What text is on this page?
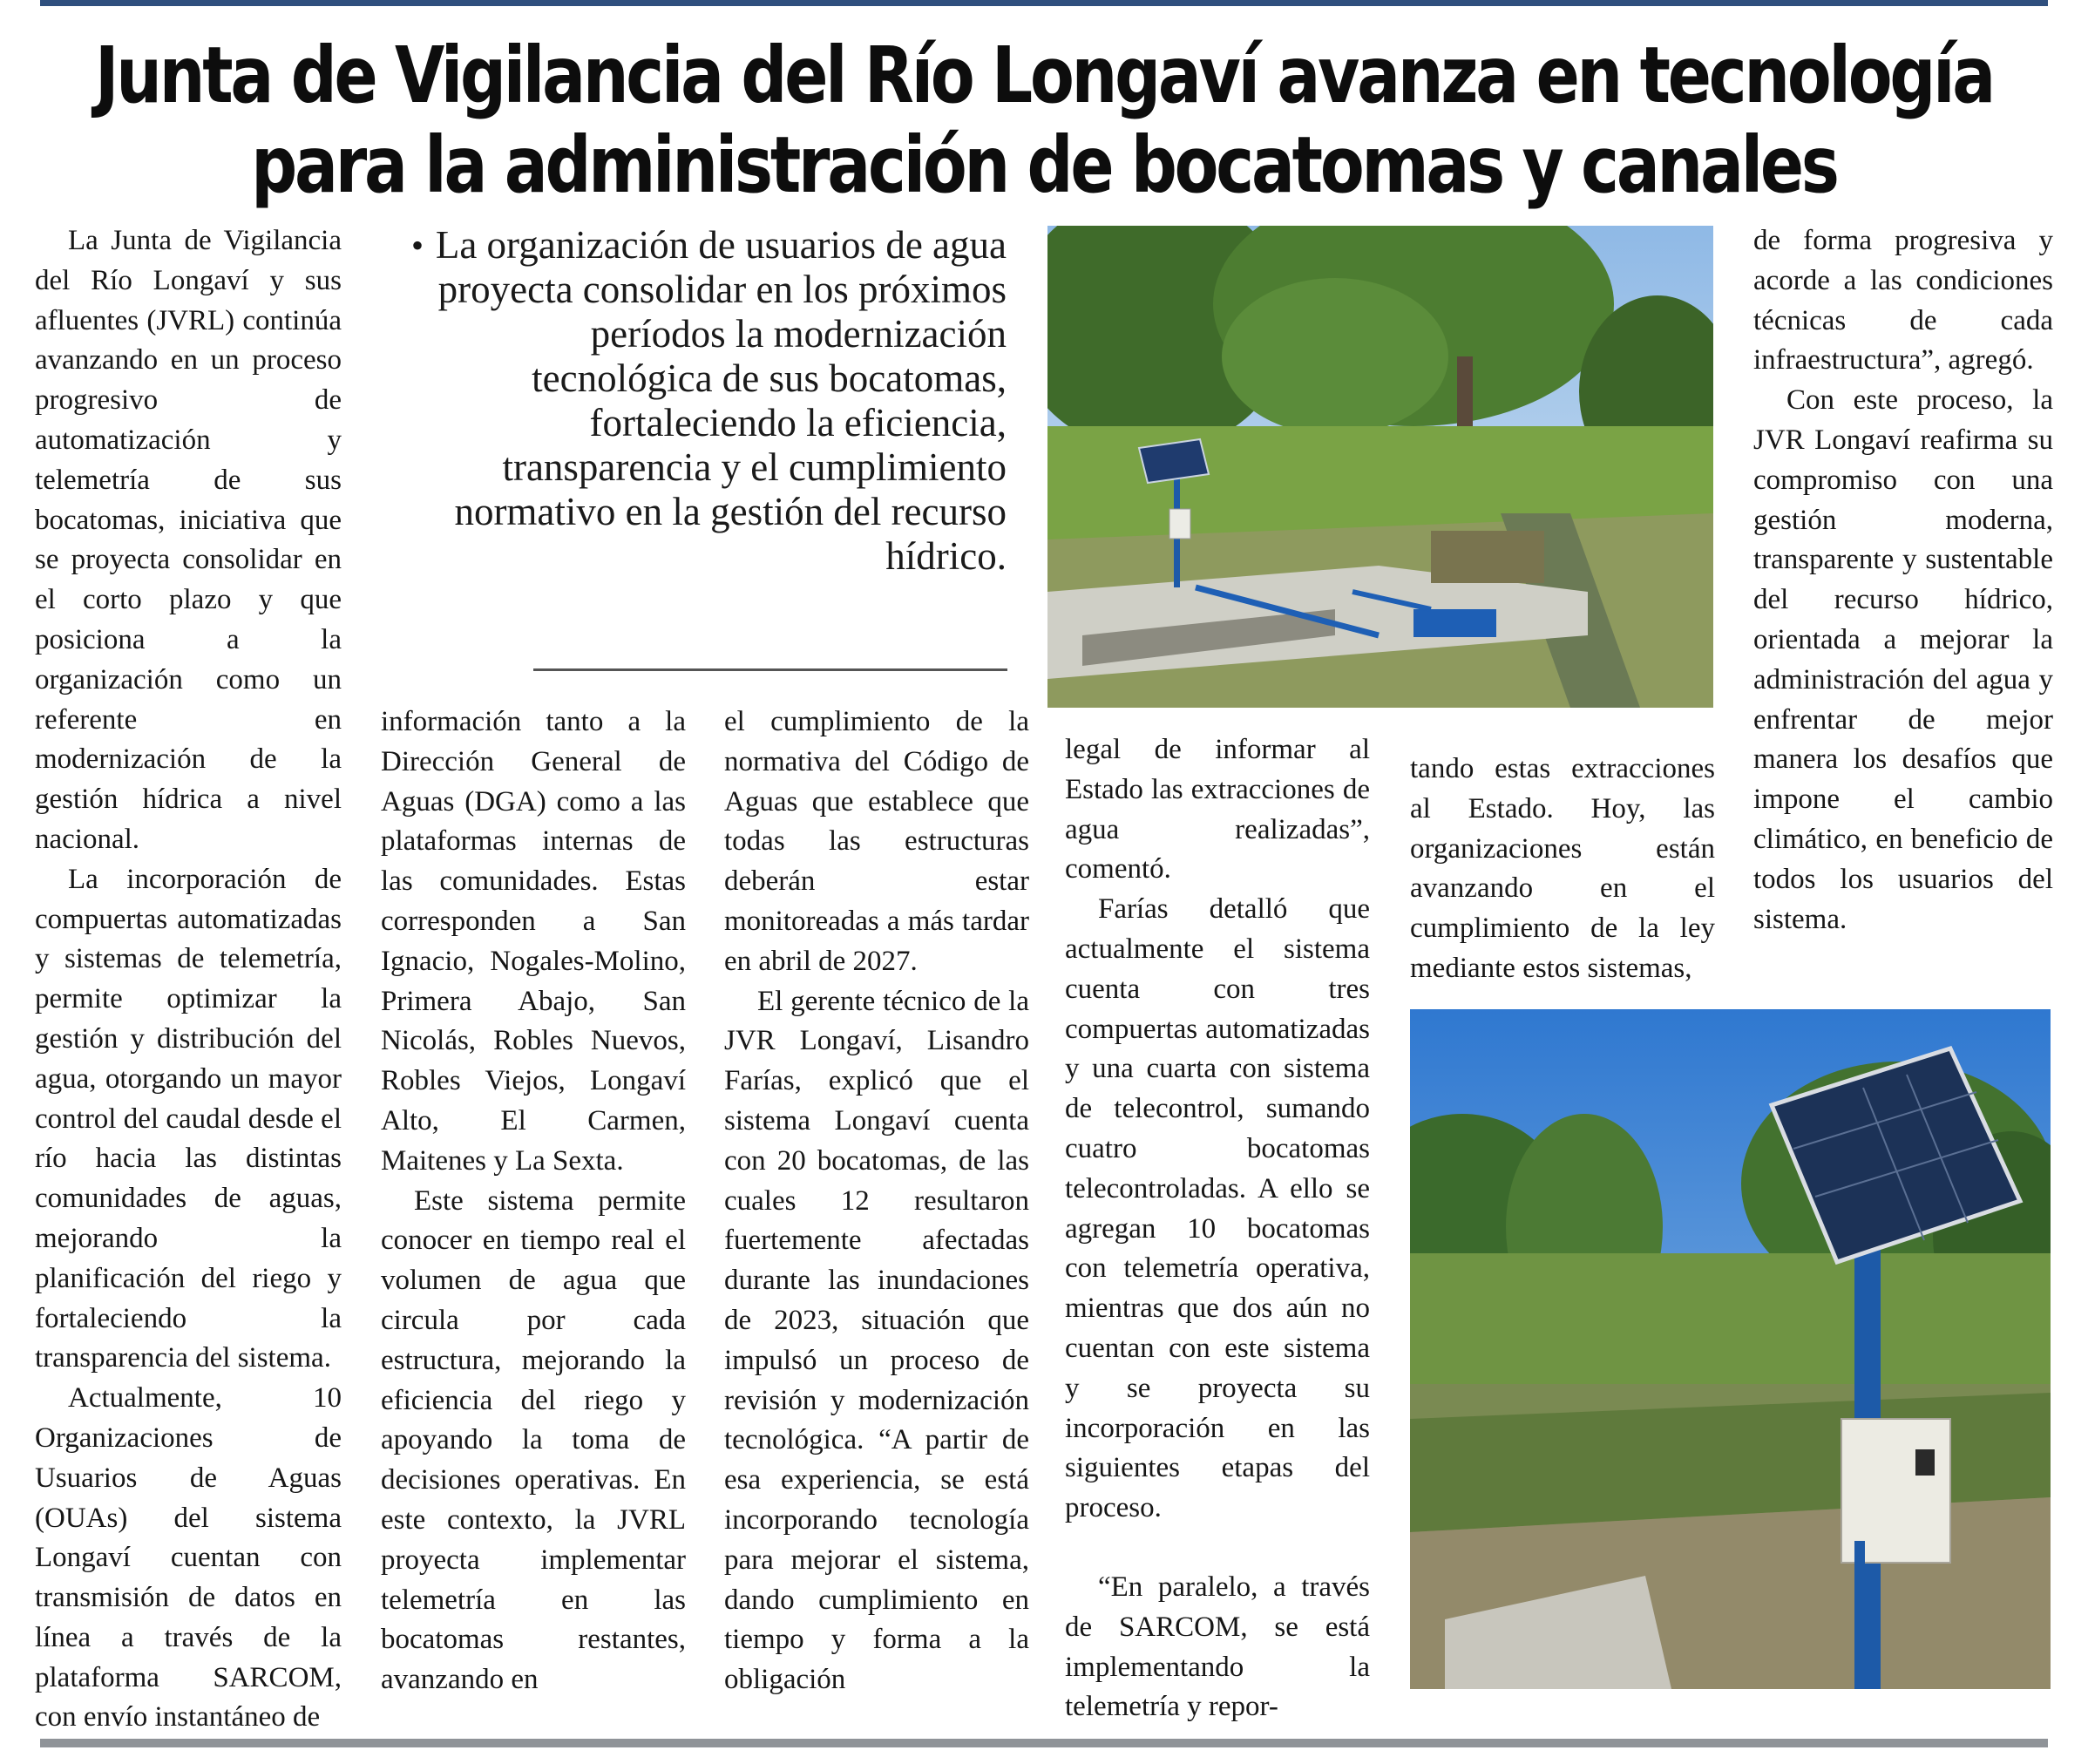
Junta de Vigilancia del Río Longaví avanza en tecnología
para la administración de bocatomas y canales

La Junta de Vigilancia del Río Longaví y sus afluentes (JVRL) continúa avanzando en un proceso progresivo de automatización y telemetría de sus bocatomas, iniciativa que se proyecta consolidar en el corto plazo y que posiciona a la organización como un referente en modernización de la gestión hídrica a nivel nacional.

La incorporación de compuertas automatizadas y sistemas de telemetría, permite optimizar la gestión y distribución del agua, otorgando un mayor control del caudal desde el río hacia las distintas comunidades de aguas, mejorando la planificación del riego y fortaleciendo la transparencia del sistema.

Actualmente, 10 Organizaciones de Usuarios de Aguas (OUAs) del sistema Longaví cuentan con transmisión de datos en línea a través de la plataforma SARCOM, con envío instantáneo de

• La organización de usuarios de agua proyecta consolidar en los próximos períodos la modernización tecnológica de sus bocatomas, fortaleciendo la eficiencia, transparencia y el cumplimiento normativo en la gestión del recurso hídrico.

información tanto a la Dirección General de Aguas (DGA) como a las plataformas internas de las comunidades. Estas corresponden a San Ignacio, Nogales-Molino, Primera Abajo, San Nicolás, Robles Nuevos, Robles Viejos, Longaví Alto, El Carmen, Maitenes y La Sexta.

Este sistema permite conocer en tiempo real el volumen de agua que circula por cada estructura, mejorando la eficiencia del riego y apoyando la toma de decisiones operativas. En este contexto, la JVRL proyecta implementar telemetría en las bocatomas restantes, avanzando en

el cumplimiento de la normativa del Código de Aguas que establece que todas las estructuras deberán estar monitoreadas a más tardar en abril de 2027.

El gerente técnico de la JVR Longaví, Lisandro Farías, explicó que el sistema Longaví cuenta con 20 bocatomas, de las cuales 12 resultaron fuertemente afectadas durante las inundaciones de 2023, situación que impulsó un proceso de revisión y modernización tecnológica. “A partir de esa experiencia, se está incorporando tecnología para mejorar el sistema, dando cumplimiento en tiempo y forma a la obligación

legal de informar al Estado las extracciones de agua realizadas”, comentó.

Farías detalló que actualmente el sistema cuenta con tres compuertas automatizadas y una cuarta con sistema de telecontrol, sumando cuatro bocatomas telecontroladas. A ello se agregan 10 bocatomas con telemetría operativa, mientras que dos aún no cuentan con este sistema y se proyecta su incorporación en las siguientes etapas del proceso.

“En paralelo, a través de SARCOM, se está implementando la telemetría y repor-

tando estas extracciones al Estado. Hoy, las organizaciones están avanzando en el cumplimiento de la ley mediante estos sistemas,

de forma progresiva y acorde a las condiciones técnicas de cada infraestructura”, agregó.

Con este proceso, la JVR Longaví reafirma su compromiso con una gestión moderna, transparente y sustentable del recurso hídrico, orientada a mejorar la administración del agua y enfrentar de mejor manera los desafíos que impone el cambio climático, en beneficio de todos los usuarios del sistema.
